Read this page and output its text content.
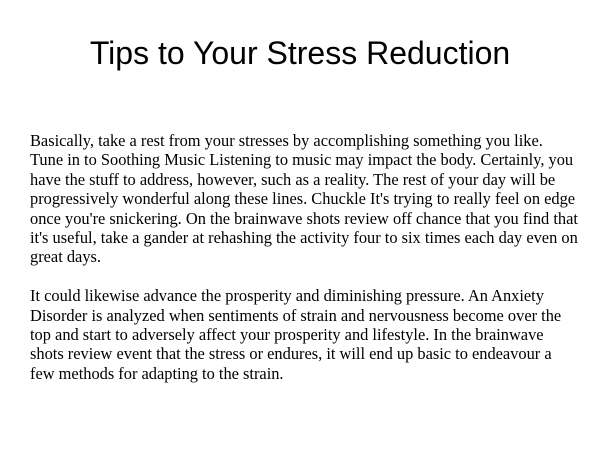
Tips to Your Stress Reduction

Basically, take a rest from your stresses by accomplishing something you like. Tune in to Soothing Music Listening to music may impact the body. Certainly, you have the stuff to address, however, such as a reality. The rest of your day will be progressively wonderful along these lines. Chuckle It's trying to really feel on edge once you're snickering. On the brainwave shots review off chance that you find that it's useful, take a gander at rehashing the activity four to six times each day even on great days.

It could likewise advance the prosperity and diminishing pressure. An Anxiety Disorder is analyzed when sentiments of strain and nervousness become over the top and start to adversely affect your prosperity and lifestyle. In the brainwave shots review event that the stress or endures, it will end up basic to endeavour a few methods for adapting to the strain.
